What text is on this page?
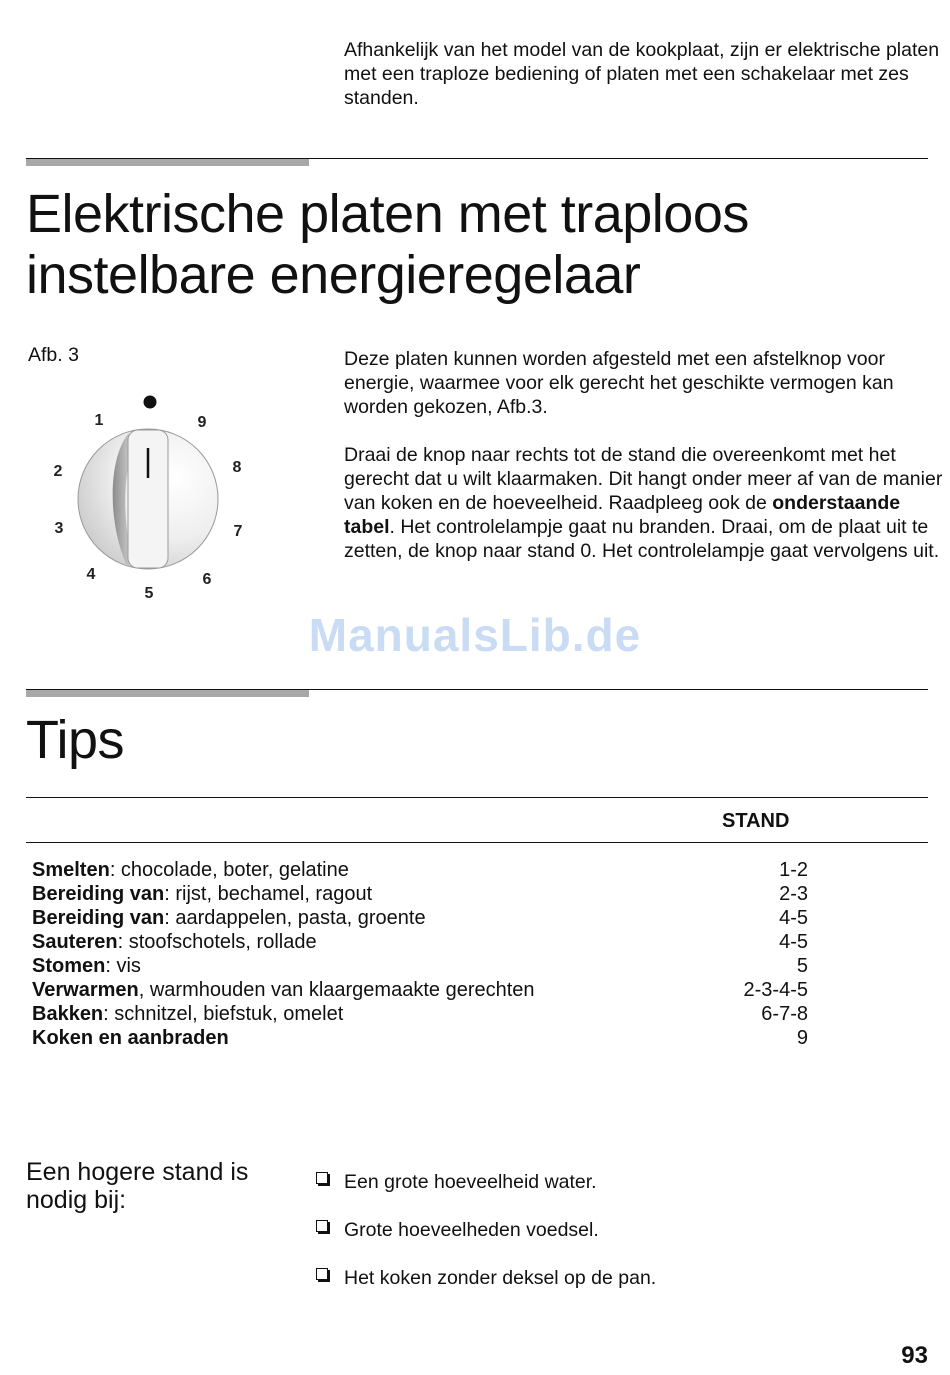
Afhankelijk van het model van de kookplaat, zijn er elektrische platen met een traploze bediening of platen met een schakelaar met zes standen.
Elektrische platen met traploos
instelbare energieregelaar
Afb. 3
1
2
3
4
5
6
7
8
9

Deze platen kunnen worden afgesteld met een afstelknop voor energie, waarmee voor elk gerecht het geschikte vermogen kan worden gekozen, Afb.3.

Draai de knop naar rechts tot de stand die overeenkomt met het gerecht dat u wilt klaarmaken. Dit hangt onder meer af van de manier van koken en de hoeveelheid. Raadpleeg ook de onderstaande tabel. Het controlelampje gaat nu branden. Draai, om de plaat uit te zetten, de knop naar stand 0. Het controlelampje gaat vervolgens uit.

ManualsLib.de
Tips
STAND
Smelten: chocolade, boter, gelatine	1-2
Bereiding van: rijst, bechamel, ragout	2-3
Bereiding van: aardappelen, pasta, groente	4-5
Sauteren: stoofschotels, rollade	4-5
Stomen: vis	5
Verwarmen, warmhouden van klaargemaakte gerechten	2-3-4-5
Bakken: schnitzel, biefstuk, omelet	6-7-8
Koken en aanbraden	9
Een hogere stand is nodig bij:
Een grote hoeveelheid water.
Grote hoeveelheden voedsel.
Het koken zonder deksel op de pan.
93
